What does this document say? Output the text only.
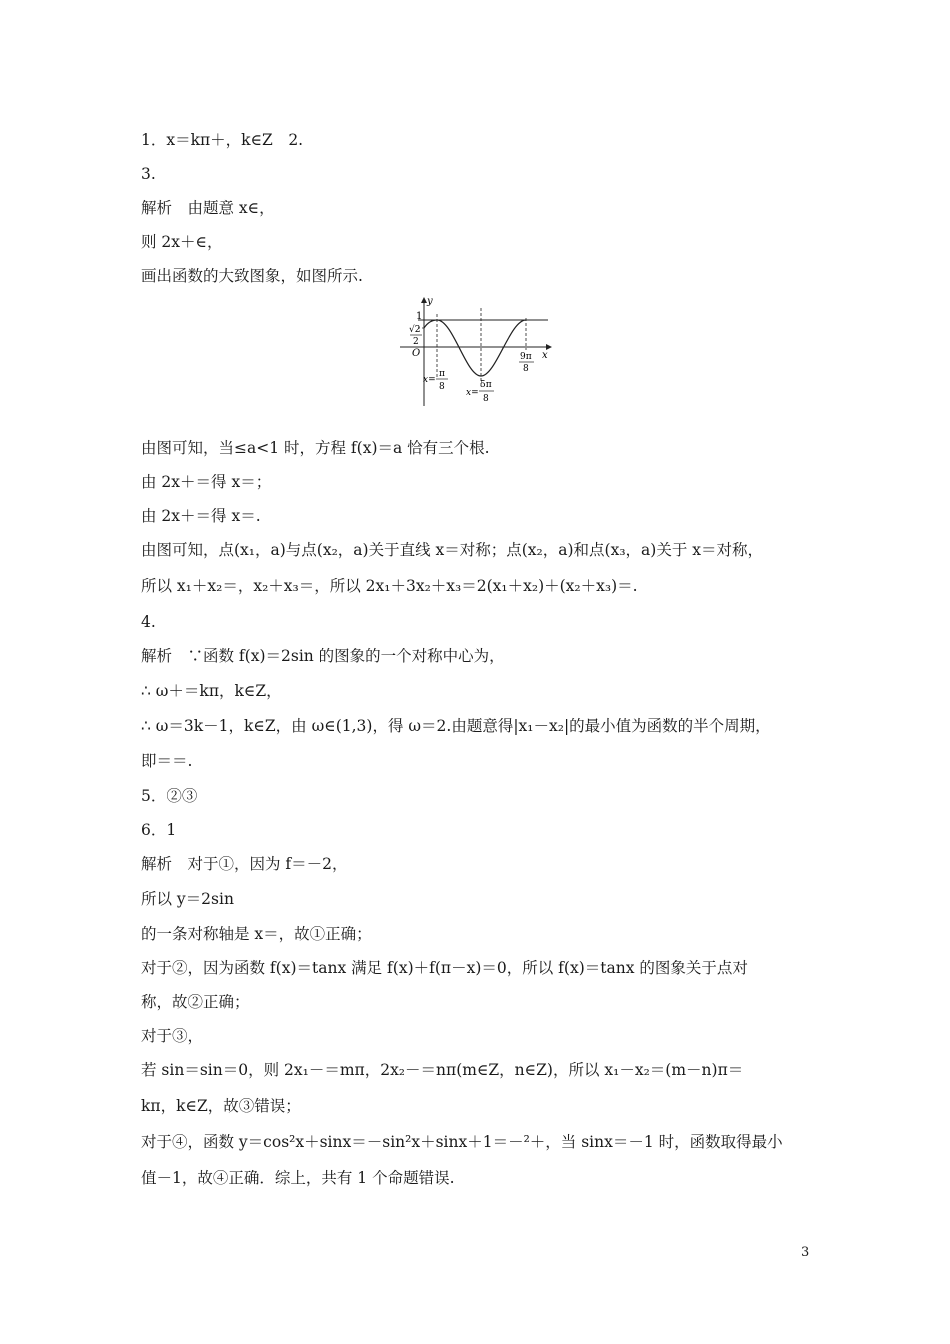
1．x＝kπ＋，k∈Z　2.
3.
解析　由题意 x∈，
则 2x＋∈，
画出函数的大致图象，如图所示.
y
x
O
1
√2
2
9π
8
x=
π
8
x=
5π
8
由图可知，当≤a<1 时，方程 f(x)＝a 恰有三个根.
由 2x＋＝得 x＝；
由 2x＋＝得 x＝.
由图可知，点(x₁，a)与点(x₂，a)关于直线 x＝对称；点(x₂，a)和点(x₃，a)关于 x＝对称，
所以 x₁＋x₂＝，x₂＋x₃＝，所以 2x₁＋3x₂＋x₃＝2(x₁＋x₂)＋(x₂＋x₃)＝.
4.
解析　∵函数 f(x)＝2sin 的图象的一个对称中心为，
∴ ω＋＝kπ，k∈Z，
∴ ω＝3k－1，k∈Z，由 ω∈(1,3)，得 ω＝2.由题意得|x₁－x₂|的最小值为函数的半个周期，
即＝＝.
5．②③
6．1
解析　对于①，因为 f＝－2，
所以 y＝2sin
的一条对称轴是 x＝，故①正确；
对于②，因为函数 f(x)＝tanx 满足 f(x)＋f(π－x)＝0，所以 f(x)＝tanx 的图象关于点对
称，故②正确；
对于③，
若 sin＝sin＝0，则 2x₁－＝mπ，2x₂－＝nπ(m∈Z，n∈Z)，所以 x₁－x₂＝(m－n)π＝
kπ，k∈Z，故③错误；
对于④，函数 y＝cos²x＋sinx＝－sin²x＋sinx＋1＝－²＋，当 sinx＝－1 时，函数取得最小
值－1，故④正确．综上，共有 1 个命题错误.
3
